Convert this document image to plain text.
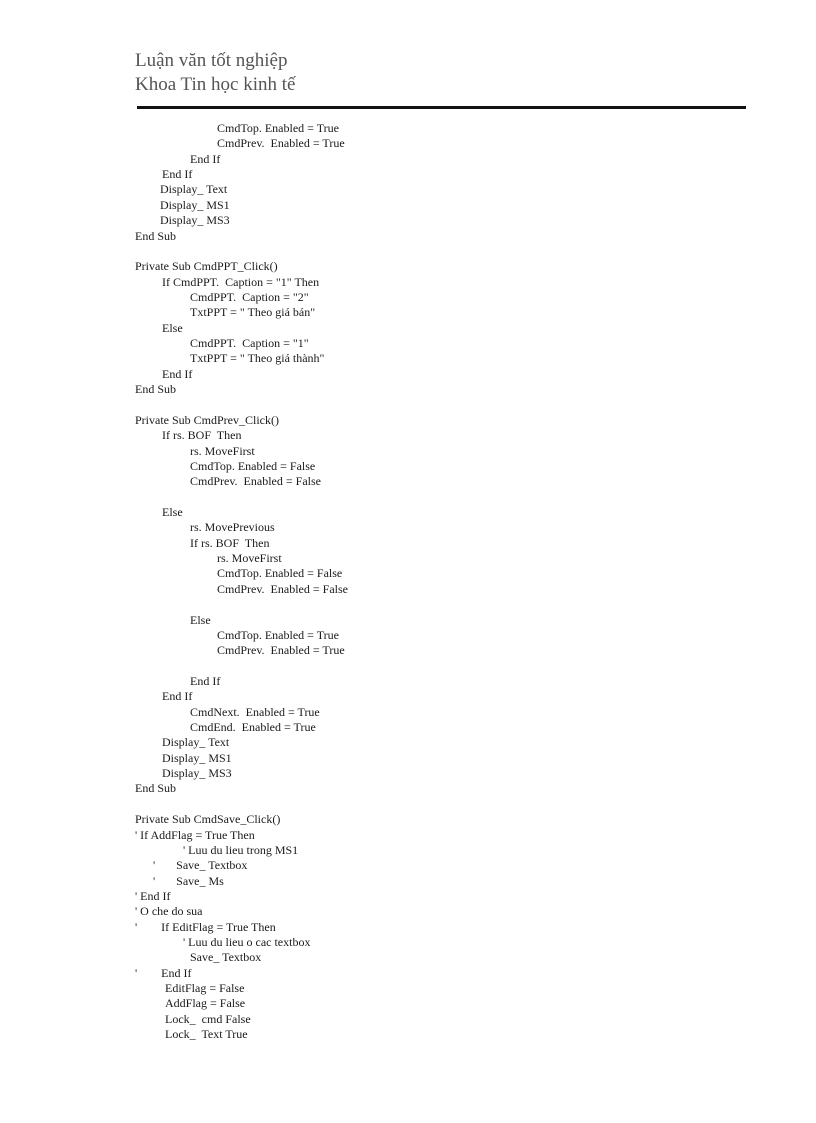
Luận văn tốt nghiệp
Khoa Tin học kinh tế
CmdTop. Enabled = True
CmdPrev.  Enabled = True
End If
End If
Display_ Text
Display_ MS1
Display_ MS3
End Sub
Private Sub CmdPPT_Click()
If CmdPPT.  Caption = "1" Then
CmdPPT.  Caption = "2"
TxtPPT = " Theo giá bán"
Else
CmdPPT.  Caption = "1"
TxtPPT = " Theo giá thành"
End If
End Sub
Private Sub CmdPrev_Click()
If rs. BOF  Then
rs. MoveFirst
CmdTop. Enabled = False
CmdPrev.  Enabled = False
Else
rs. MovePrevious
If rs. BOF  Then
rs. MoveFirst
CmdTop. Enabled = False
CmdPrev.  Enabled = False
Else
CmdTop. Enabled = True
CmdPrev.  Enabled = True
End If
End If
CmdNext.  Enabled = True
CmdEnd.  Enabled = True
Display_ Text
Display_ MS1
Display_ MS3
End Sub
Private Sub CmdSave_Click()
' If AddFlag = True Then
' Luu du lieu trong MS1
'       Save_ Textbox
'       Save_ Ms
' End If
' O che do sua
'        If EditFlag = True Then
' Luu du lieu o cac textbox
Save_ Textbox
'        End If
EditFlag = False
AddFlag = False
Lock_  cmd False
Lock_  Text True
